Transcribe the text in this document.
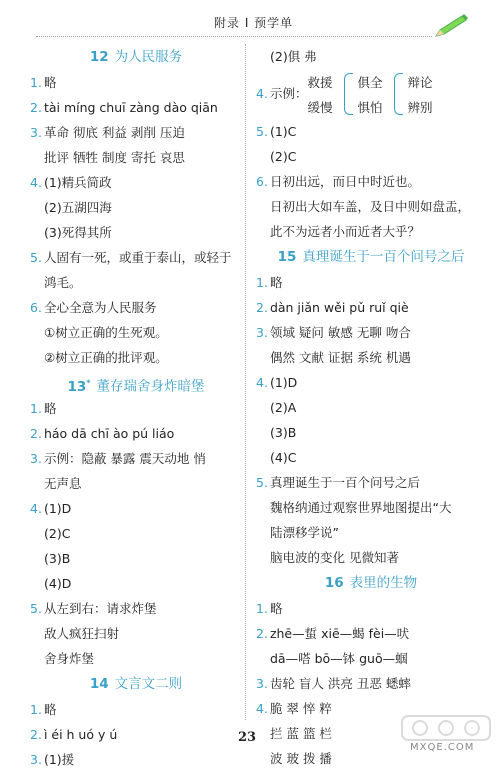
附录 I 预学单
12 为人民服务
1. 略
2. tài míng chuī zàng dào qiān
3. 革命 彻底 利益 剥削 压迫
批评 牺牲 制度 寄托 哀思
4. (1)精兵简政
(2)五湖四海
(3)死得其所
5. 人固有一死，或重于泰山，或轻于
鸿毛。
6. 全心全意为人民服务
①树立正确的生死观。
②树立正确的批评观。
13* 董存瑞舍身炸暗堡
1. 略
2. háo dā chī ào pú liáo
3. 示例：隐蔽 暴露 震天动地 悄
无声息
4. (1)D
(2)C
(3)B
(4)D
5. 从左到右：请求炸堡
敌人疯狂扫射
舍身炸堡
14 文言文二则
1. 略
2. ì éi h uó y ú
3. (1)援
(2)俱 弗
4. 示例：
救援
缓慢
俱全
惧怕
辩论
辨别
5. (1)C
(2)C
6. 日初出远，而日中时近也。
日初出大如车盖，及日中则如盘盂，
此不为远者小而近者大乎？
15 真理诞生于一百个问号之后
1. 略
2. dàn jiǎn wěi pǔ ruǐ qiè
3. 领域 疑问 敏感 无聊 吻合
偶然 文献 证据 系统 机遇
4. (1)D
(2)A
(3)B
(4)C
5. 真理诞生于一百个问号之后
魏格纳通过观察世界地图提出“大
陆漂移学说”
脑电波的变化 见微知著
16 表里的生物
1. 略
2. zhē—蜇 xiē—蝎 fèi—吠
dā—嗒 bō—钵 guō—蝈
3. 齿轮 盲人 洪亮 丑恶 蟋蟀
4. 脆 翠 悴 粹
拦 蓝 篮 栏
波 玻 拨 播
23
MXQE.COM
